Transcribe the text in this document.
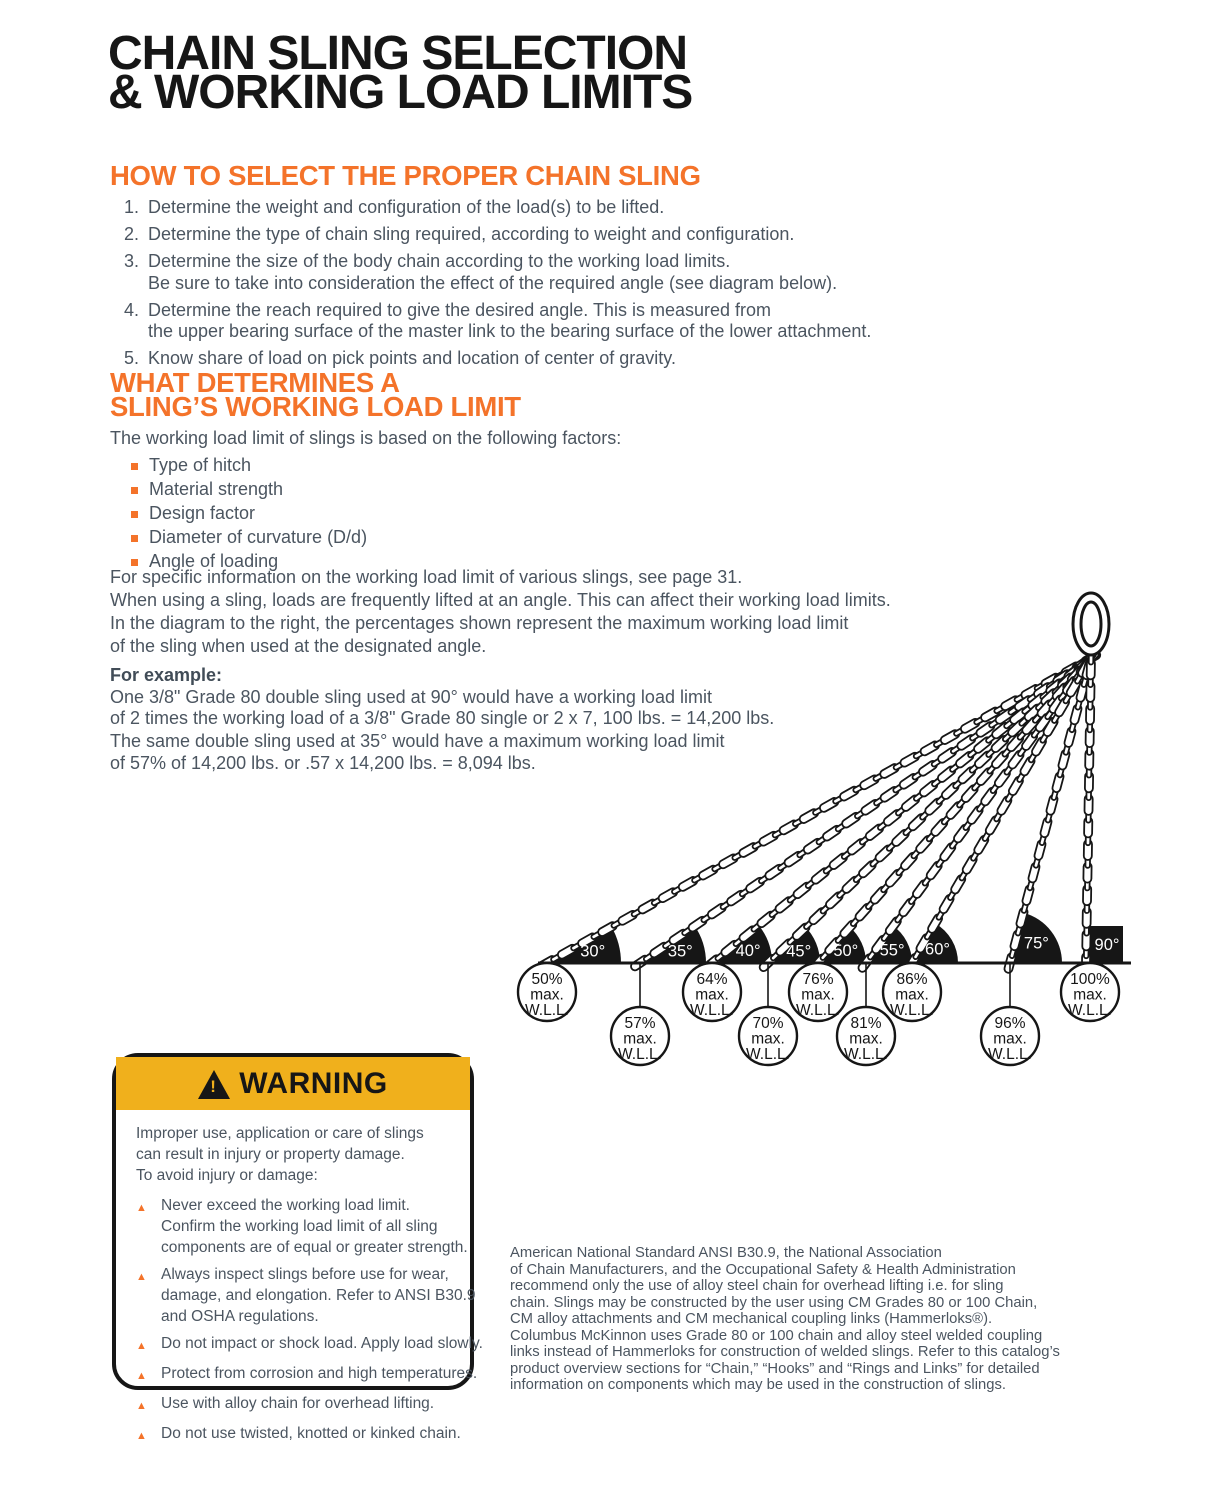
CHAIN SLING SELECTION
& WORKING LOAD LIMITS
HOW TO SELECT THE PROPER CHAIN SLING
1. Determine the weight and configuration of the load(s) to be lifted.
2. Determine the type of chain sling required, according to weight and configuration.
3. Determine the size of the body chain according to the working load limits.
Be sure to take into consideration the effect of the required angle (see diagram below).
4. Determine the reach required to give the desired angle. This is measured from
the upper bearing surface of the master link to the bearing surface of the lower attachment.
5. Know share of load on pick points and location of center of gravity.
WHAT DETERMINES A
SLING’S WORKING LOAD LIMIT

The working load limit of slings is based on the following factors:

Type of hitch
Material strength
Design factor
Diameter of curvature (D/d)
Angle of loading

For specific information on the working load limit of various slings, see page 31.
When using a sling, loads are frequently lifted at an angle. This can affect their working load limits.
In the diagram to the right, the percentages shown represent the maximum working load limit
of the sling when used at the designated angle.

For example:
One 3/8" Grade 80 double sling used at 90° would have a working load limit
of 2 times the working load of a 3/8" Grade 80 single or 2 x 7, 100 lbs. = 14,200 lbs.

The same double sling used at 35° would have a maximum working load limit
of 57% of 14,200 lbs. or .57 x 14,200 lbs. = 8,094 lbs.

50% max. W.L.L.
30°
57% max. W.L.L.
35°
64% max. W.L.L.
40°
70% max. W.L.L.
45°
76% max. W.L.L.
50°
81% max. W.L.L.
55°
86% max. W.L.L.
60°
96% max. W.L.L.
75°
100% max. W.L.L.
90°
! WARNING
Improper use, application or care of slings
can result in injury or property damage.
To avoid injury or damage:
▲ Never exceed the working load limit.
Confirm the working load limit of all sling
components are of equal or greater strength.
▲ Always inspect slings before use for wear,
damage, and elongation. Refer to ANSI B30.9
and OSHA regulations.
▲ Do not impact or shock load. Apply load slowly.
▲ Protect from corrosion and high temperatures.
▲ Use with alloy chain for overhead lifting.
▲ Do not use twisted, knotted or kinked chain.

American National Standard ANSI B30.9, the National Association
of Chain Manufacturers, and the Occupational Safety & Health Administration
recommend only the use of alloy steel chain for overhead lifting i.e. for sling
chain. Slings may be constructed by the user using CM Grades 80 or 100 Chain,
CM alloy attachments and CM mechanical coupling links (Hammerloks®).
Columbus McKinnon uses Grade 80 or 100 chain and alloy steel welded coupling
links instead of Hammerloks for construction of welded slings. Refer to this catalog’s
product overview sections for “Chain,” “Hooks” and “Rings and Links” for detailed
information on components which may be used in the construction of slings.
